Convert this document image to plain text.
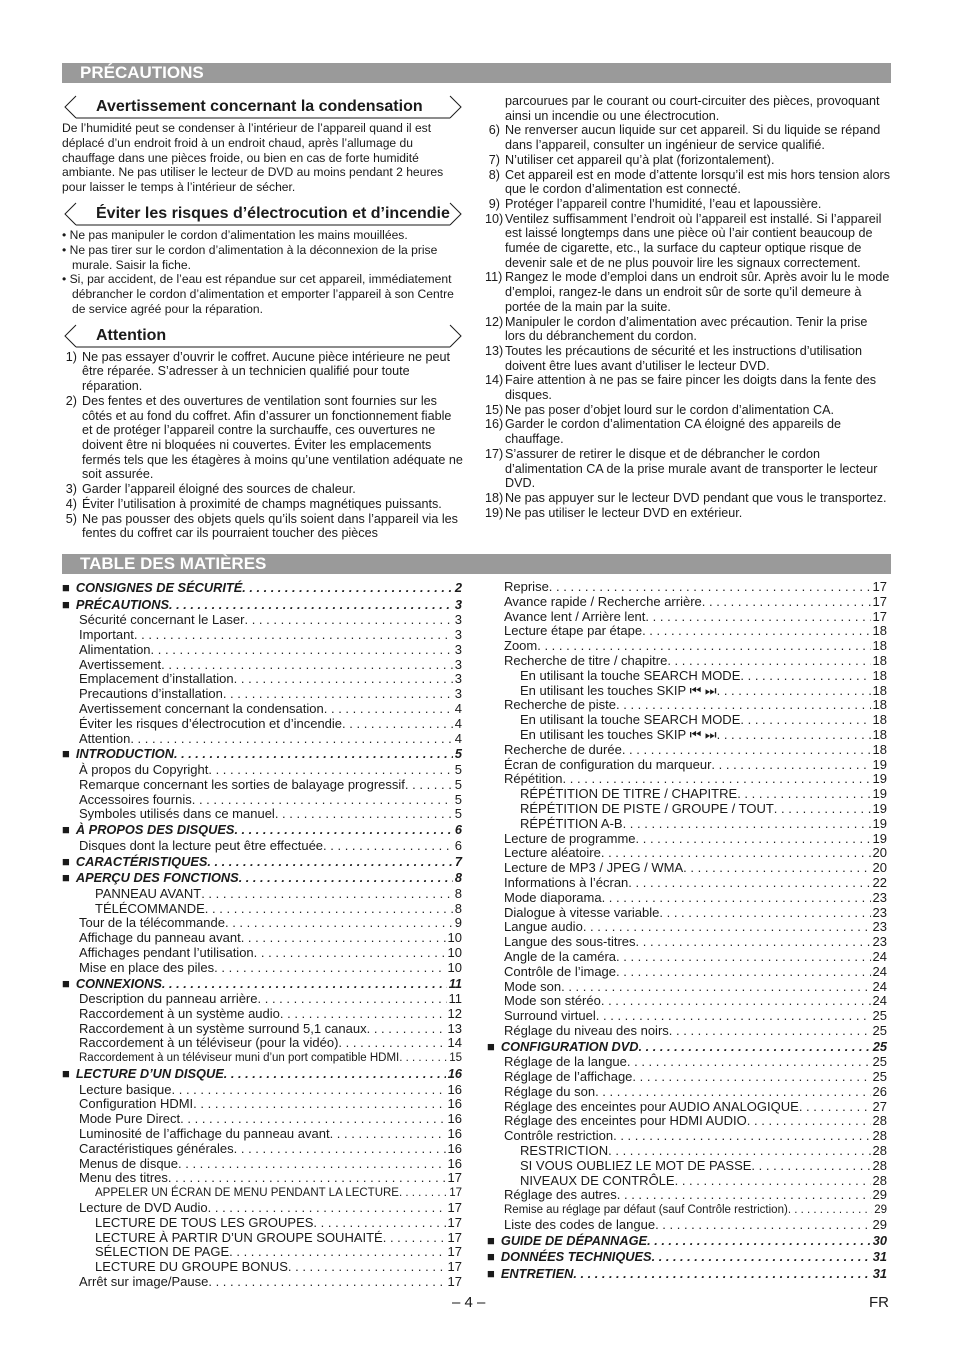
PRÉCAUTIONS
Avertissement concernant la condensation
De l’humidité peut se condenser à l’intérieur de l’appareil quand il est déplacé d’un endroit froid à un endroit chaud, après l’allumage du chauffage dans une pièces froide, ou bien en cas de forte humidité ambiante. Ne pas utiliser le lecteur de DVD au moins pendant 2 heures pour laisser le temps à l’intérieur de sécher.
Éviter les risques d’électrocution et d’incendie
• Ne pas manipuler le cordon d’alimentation les mains mouillées.
• Ne pas tirer sur le cordon d’alimentation à la déconnexion de la prise murale. Saisir la fiche.
• Si, par accident, de l’eau est répandue sur cet appareil, immédiatement débrancher le cordon d’alimentation et emporter l’appareil à son Centre de service agréé pour la réparation.
Attention
1) Ne pas essayer d’ouvrir le coffret. Aucune pièce intérieure ne peut être réparée. S’adresser à un technicien qualifié pour toute réparation.
2) Des fentes et des ouvertures de ventilation sont fournies sur les côtés et au fond du coffret. Afin d’assurer un fonctionnement fiable et de protéger l’appareil contre la surchauffe, ces ouvertures ne doivent être ni bloquées ni couvertes. Éviter les emplacements fermés tels que les étagères à moins qu’une ventilation adéquate ne soit assurée.
3) Garder l’appareil éloigné des sources de chaleur.
4) Éviter l’utilisation à proximité de champs magnétiques puissants.
5) Ne pas pousser des objets quels qu’ils soient dans l’appareil via les fentes du coffret car ils pourraient toucher des pièces
parcourues par le courant ou court-circuiter des pièces, provoquant ainsi un incendie ou une électrocution.
6) Ne renverser aucun liquide sur cet appareil. Si du liquide se répand dans l’appareil, consulter un ingénieur de service qualifié.
7) N’utiliser cet appareil qu’à plat (forizontalement).
8) Cet appareil est en mode d’attente lorsqu’il est mis hors tension alors que le cordon d’alimentation est connecté.
9) Protéger l’appareil contre l’humidité, l’eau et lapoussière.
10) Ventilez suffisamment l’endroit où l’appareil est installé. Si l’appareil est laissé longtemps dans une pièce où l’air contient beaucoup de fumée de cigarette, etc., la surface du capteur optique risque de devenir sale et de ne plus pouvoir lire les signaux correctement.
11) Rangez le mode d’emploi dans un endroit sûr. Après avoir lu le mode d’emploi, rangez-le dans un endroit sûr de sorte qu’il demeure à portée de la main par la suite.
12) Manipuler le cordon d’alimentation avec précaution. Tenir la prise lors du débranchement du cordon.
13) Toutes les précautions de sécurité et les instructions d’utilisation doivent être lues avant d’utiliser le lecteur DVD.
14) Faire attention à ne pas se faire pincer les doigts dans la fente des disques.
15) Ne pas poser d’objet lourd sur le cordon d’alimentation CA.
16) Garder le cordon d’alimentation CA éloigné des appareils de chauffage.
17) S’assurer de retirer le disque et de débrancher le cordon d’alimentation CA de la prise murale avant de transporter le lecteur DVD.
18) Ne pas appuyer sur le lecteur DVD pendant que vous le transportez.
19) Ne pas utiliser le lecteur DVD en extérieur.
TABLE DES MATIÈRES
■ CONSIGNES DE SÉCURITÉ . . .	2
■ PRÉCAUTIONS . . .	3
Sécurité concernant le Laser . . .	3
Important . . .	3
Alimentation . . .	3
Avertissement . . .	3
Emplacement d’installation . . .	3
Precautions d’installation . . .	3
Avertissement concernant la condensation . . .	4
Éviter les risques d’électrocution et d’incendie . . .	4
Attention . . .	4
■ INTRODUCTION . . .	5
À propos du Copyright . . .	5
Remarque concernant les sorties de balayage progressif . . .	5
Accessoires fournis . . .	5
Symboles utilisés dans ce manuel . . .	5
■ À PROPOS DES DISQUES . . .	6
Disques dont la lecture peut être effectuée . . .	6
■ CARACTÉRISTIQUES . . .	7
■ APERÇU DES FONCTIONS . . .	8
PANNEAU AVANT . . .	8
TÉLÉCOMMANDE . . .	8
Tour de la télécommande . . .	9
Affichage du panneau avant . . .	10
Affichages pendant l’utilisation . . .	10
Mise en place des piles . . .	10
■ CONNEXIONS . . .	11
Description du panneau arrière . . .	11
Raccordement à un système audio . . .	12
Raccordement à un système surround 5,1 canaux . . .	13
Raccordement à un téléviseur (pour la vidéo) . . .	14
Raccordement à un téléviseur muni d’un port compatible HDMI . . .	15
■ LECTURE D’UN DISQUE . . .	16
Lecture basique . . .	16
Configuration HDMI . . .	16
Mode Pure Direct . . .	16
Luminosité de l’affichage du panneau avant . . .	16
Caractéristiques générales . . .	16
Menus de disque . . .	16
Menu des titres . . .	17
APPELER UN ÉCRAN DE MENU PENDANT LA LECTURE . . .	17
Lecture de DVD Audio . . .	17
LECTURE DE TOUS LES GROUPES . . .	17
LECTURE À PARTIR D’UN GROUPE SOUHAITÉ . . .	17
SÉLECTION DE PAGE . . .	17
LECTURE DU GROUPE BONUS . . .	17
Arrêt sur image/Pause . . .	17
Reprise . . .	17
Avance rapide / Recherche arrière . . .	17
Avance lent / Arrière lent . . .	17
Lecture étape par étape . . .	18
Zoom . . .	18
Recherche de titre / chapitre . . .	18
En utilisant la touche SEARCH MODE . . .	18
En utilisant les touches SKIP ⏮ ⏭ . . .	18
Recherche de piste . . .	18
En utilisant la touche SEARCH MODE . . .	18
En utilisant les touches SKIP ⏮ ⏭ . . .	18
Recherche de durée . . .	18
Écran de configuration du marqueur . . .	19
Répétition . . .	19
RÉPÉTITION DE TITRE / CHAPITRE . . .	19
RÉPÉTITION DE PISTE / GROUPE / TOUT . . .	19
RÉPÉTITION A-B . . .	19
Lecture de programme . . .	19
Lecture aléatoire . . .	20
Lecture de MP3 / JPEG / WMA . . .	20
Informations à l’écran . . .	22
Mode diaporama . . .	23
Dialogue à vitesse variable . . .	23
Langue audio . . .	23
Langue des sous-titres . . .	23
Angle de la caméra . . .	24
Contrôle de l’image . . .	24
Mode son . . .	24
Mode son stéréo . . .	24
Surround virtuel . . .	25
Réglage du niveau des noirs . . .	25
■ CONFIGURATION DVD . . .	25
Réglage de la langue . . .	25
Réglage de l’affichage . . .	25
Réglage du son . . .	26
Réglage des enceintes pour AUDIO ANALOGIQUE . . .	27
Réglage des enceintes pour HDMI AUDIO . . .	28
Contrôle restriction . . .	28
RESTRICTION . . .	28
SI VOUS OUBLIEZ LE MOT DE PASSE . . .	28
NIVEAUX DE CONTRÔLE . . .	28
Réglage des autres . . .	29
Remise au réglage par défaut (sauf Contrôle restriction) . . .	29
Liste des codes de langue . . .	29
■ GUIDE DE DÉPANNAGE . . .	30
■ DONNÉES TECHNIQUES . . .	31
■ ENTRETIEN . . .	31
– 4 –	FR
